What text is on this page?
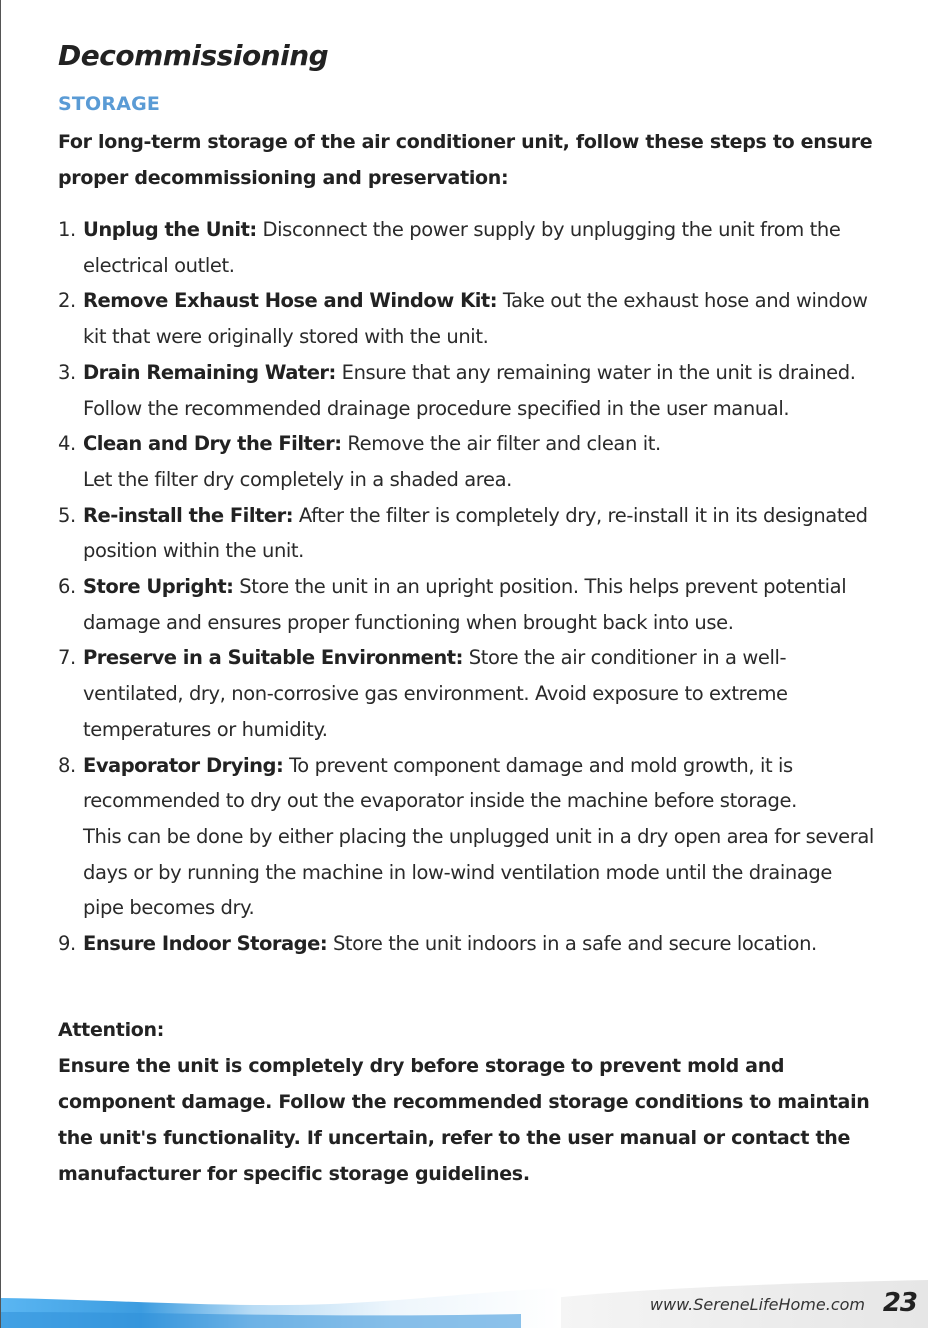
Decommissioning
STORAGE
For long-term storage of the air conditioner unit, follow these steps to ensure proper decommissioning and preservation:
1. Unplug the Unit: Disconnect the power supply by unplugging the unit from the electrical outlet.
2. Remove Exhaust Hose and Window Kit: Take out the exhaust hose and window kit that were originally stored with the unit.
3. Drain Remaining Water: Ensure that any remaining water in the unit is drained. Follow the recommended drainage procedure specified in the user manual.
4. Clean and Dry the Filter: Remove the air filter and clean it.
Let the filter dry completely in a shaded area.
5. Re-install the Filter: After the filter is completely dry, re-install it in its designated position within the unit.
6. Store Upright: Store the unit in an upright position. This helps prevent potential damage and ensures proper functioning when brought back into use.
7. Preserve in a Suitable Environment: Store the air conditioner in a well-ventilated, dry, non-corrosive gas environment. Avoid exposure to extreme temperatures or humidity.
8. Evaporator Drying: To prevent component damage and mold growth, it is recommended to dry out the evaporator inside the machine before storage.
This can be done by either placing the unplugged unit in a dry open area for several days or by running the machine in low-wind ventilation mode until the drainage pipe becomes dry.
9. Ensure Indoor Storage: Store the unit indoors in a safe and secure location.
Attention:
Ensure the unit is completely dry before storage to prevent mold and component damage. Follow the recommended storage conditions to maintain the unit's functionality. If uncertain, refer to the user manual or contact the manufacturer for specific storage guidelines.
www.SereneLifeHome.com 23
